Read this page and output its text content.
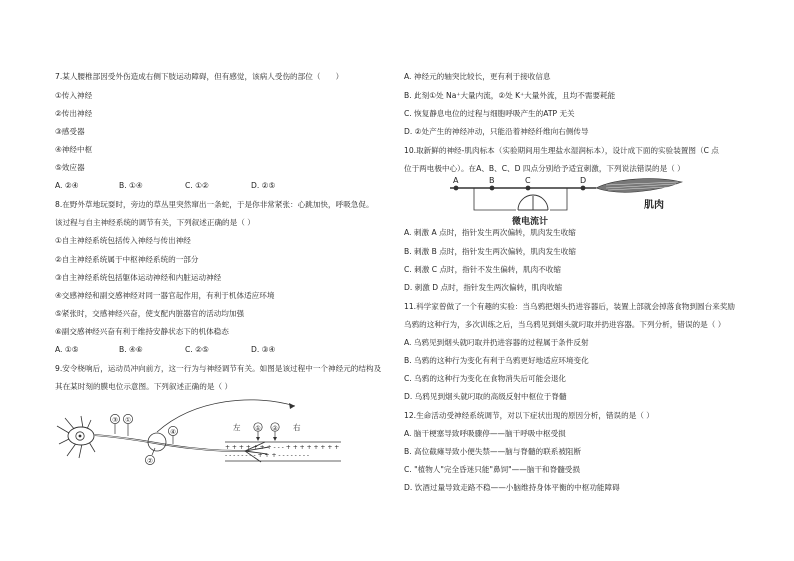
7.某人腰椎部因受外伤造成右侧下肢运动障碍，但有感觉，该病人受伤的部位（　　）
①传入神经
②传出神经
③感受器
④神经中枢
⑤效应器
A. ②④	B. ①④	C. ①②	D. ②⑤
8.在野外草地玩耍时，旁边的草丛里突然窜出一条蛇，于是你非常紧张：心跳加快，呼吸急促。
该过程与自主神经系统的调节有关，下列叙述正确的是（ ）
①自主神经系统包括传入神经与传出神经
②自主神经系统属于中枢神经系统的一部分
③自主神经系统包括躯体运动神经和内脏运动神经
④交感神经和副交感神经对同一器官起作用，有利于机体适应环境
⑤紧张时，交感神经兴奋，使支配内脏器官的活动均加强
⑥副交感神经兴奋有利于维持安静状态下的机体稳态
A. ①⑤	B. ④⑥	C. ②⑤	D. ③④
9.安令桡响后，运动员冲向前方，这一行为与神经调节有关。如图是该过程中一个神经元的结构及
其在某时刻的膜电位示意图。下列叙述正确的是（ ）
③ ①
④
②
左	右
① ②
+ + + + + + + - - - + + + + + + + +
- - - - - - - - + + + - - - - - - - -
A. 神经元的轴突比较长，更有利于接收信息
B. 此刻①处 Na⁺大量内流，②处 K⁺大量外流，且均不需要耗能
C. 恢复静息电位的过程与细胞呼吸产生的ATP 无关
D. ②处产生的神经冲动，只能沿着神经纤维向右侧传导
10.取新鲜的神经-肌肉标本（实验期间用生理盐水湿润标本），设计成下面的实验装置图（C 点
位于两电极中心）。在A、B、C、D 四点分别给予适宜刺激，下列说法错误的是（ ）
A	B	C	D
微电流计
肌肉
A. 刺激 A 点时，指针发生两次偏转，肌肉发生收缩
B. 刺激 B 点时，指针发生两次偏转，肌肉发生收缩
C. 刺激 C 点时，指针不发生偏转，肌肉不收缩
D. 刺激 D 点时，指针发生两次偏转，肌肉收缩
11.科学家曾做了一个有趣的实验：当乌鸦把烟头扔进容器后，装置上部就会掉落食物到圆台来奖励
乌鸦的这种行为，多次训练之后，当乌鸦见到烟头就叼取并扔进容器。下列分析，错误的是（ ）
A. 乌鸦见到烟头就叼取并扔进容器的过程属于条件反射
B. 乌鸦的这种行为变化有利于乌鸦更好地适应环境变化
C. 乌鸦的这种行为变化在食物消失后可能会退化
D. 乌鸦见到烟头就叼取的高级反射中枢位于脊髓
12.生命活动受神经系统调节，对以下症状出现的原因分析，错误的是（ ）
A. 脑干梗塞导致呼吸骤停——脑干呼吸中枢受损
B. 高位截瘫导致小便失禁——脑与脊髓的联系被阻断
C. "植物人"完全昏迷只能"鼻饲"——脑干和脊髓受损
D. 饮酒过量导致走路不稳——小脑维持身体平衡的中枢功能障碍
